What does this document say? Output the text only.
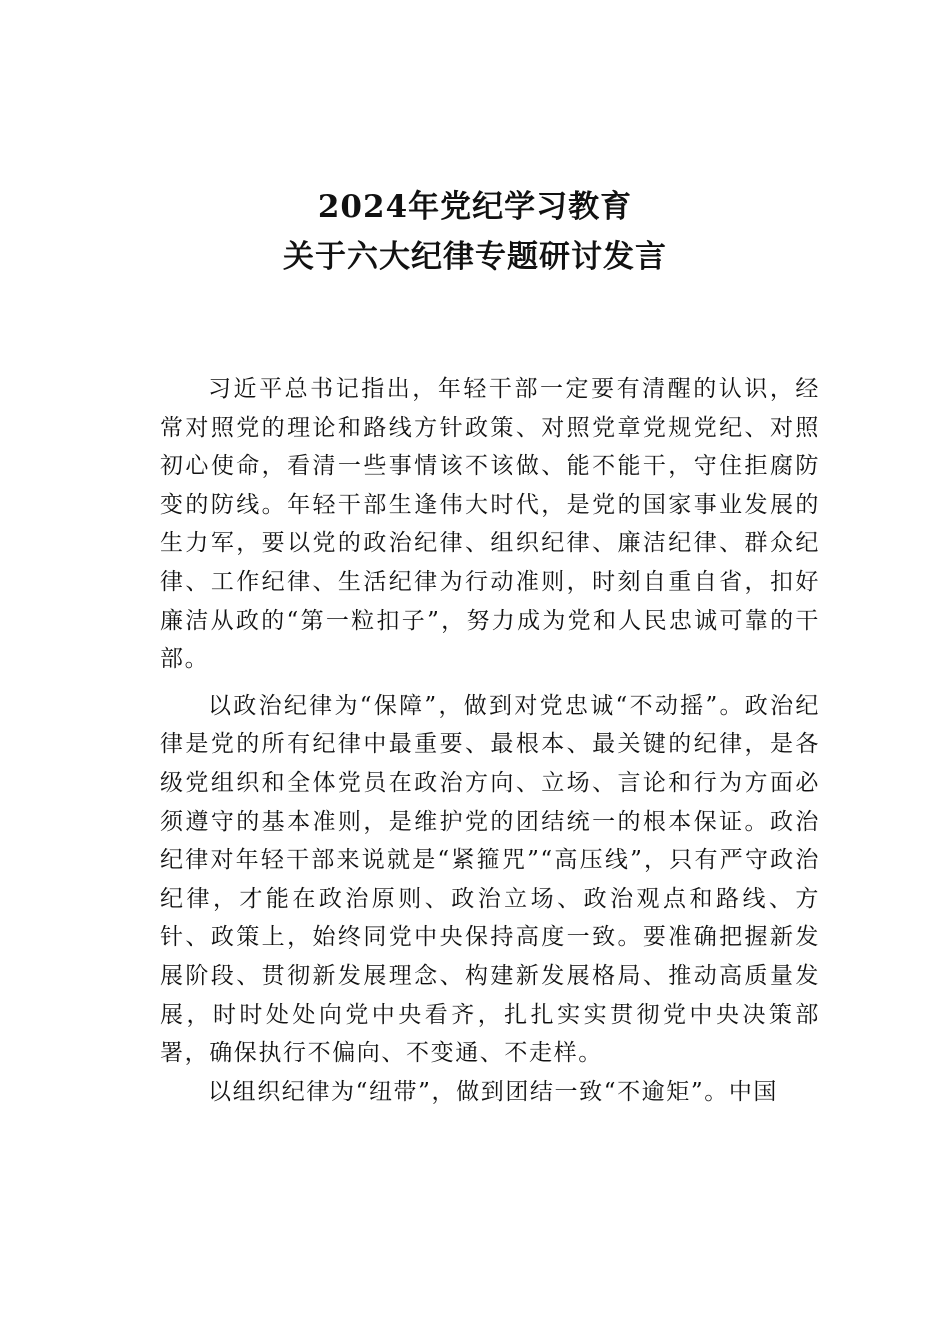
2024年党纪学习教育
关于六大纪律专题研讨发言

习近平总书记指出，年轻干部一定要有清醒的认识，经常对照党的理论和路线方针政策、对照党章党规党纪、对照初心使命，看清一些事情该不该做、能不能干，守住拒腐防变的防线。年轻干部生逢伟大时代，是党的国家事业发展的生力军，要以党的政治纪律、组织纪律、廉洁纪律、群众纪律、工作纪律、生活纪律为行动准则，时刻自重自省，扣好廉洁从政的“第一粒扣子”，努力成为党和人民忠诚可靠的干部。

以政治纪律为“保障”，做到对党忠诚“不动摇”。政治纪律是党的所有纪律中最重要、最根本、最关键的纪律，是各级党组织和全体党员在政治方向、立场、言论和行为方面必须遵守的基本准则，是维护党的团结统一的根本保证。政治纪律对年轻干部来说就是“紧箍咒”“高压线”，只有严守政治纪律，才能在政治原则、政治立场、政治观点和路线、方针、政策上，始终同党中央保持高度一致。要准确把握新发展阶段、贯彻新发展理念、构建新发展格局、推动高质量发展，时时处处向党中央看齐，扎扎实实贯彻党中央决策部署，确保执行不偏向、不变通、不走样。

以组织纪律为“纽带”，做到团结一致“不逾矩”。中国
